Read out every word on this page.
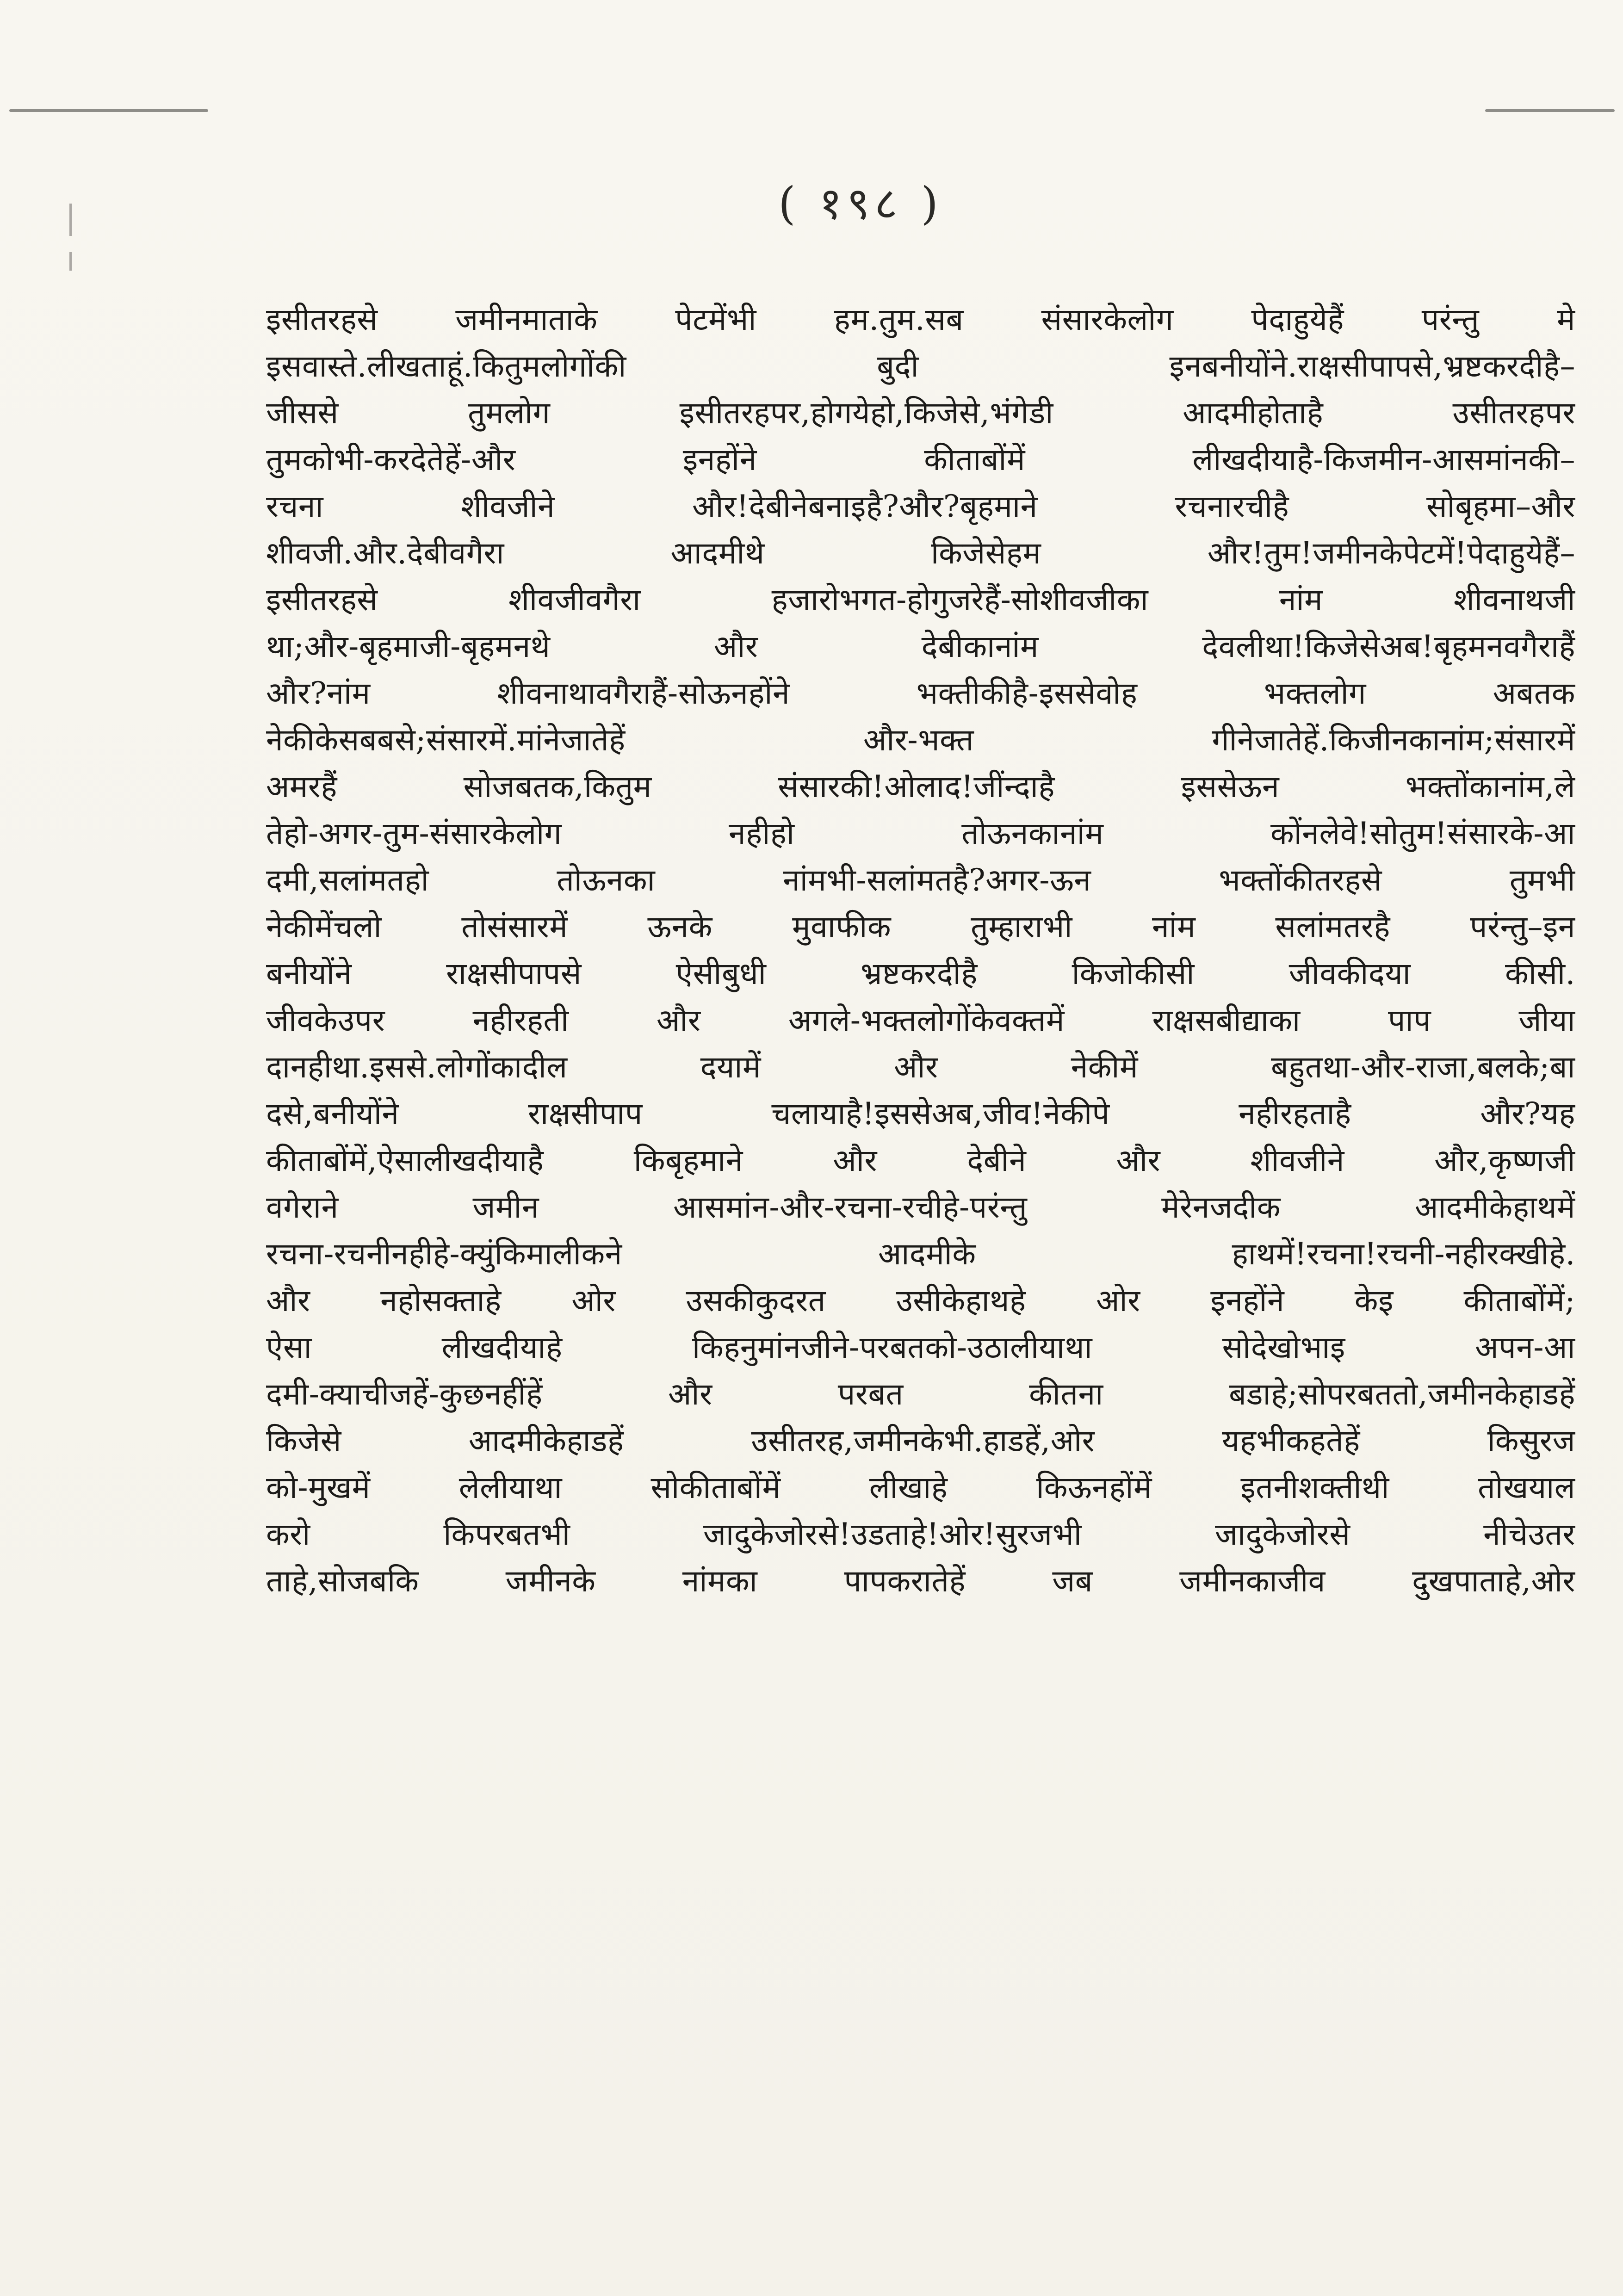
( १९८ )
इसीतरहसे जमीनमाताके पेटमेंभी हम.तुम.सब संसारकेलोग पेदाहुयेहैं परंन्तु मे
इसवास्ते.लीखताहूं.कितुमलोगोंकी बुदी इनबनीयोंने.राक्षसीपापसे,भ्रष्टकरदीहै–
जीससे तुमलोग इसीतरहपर,होगयेहो,किजेसे,भंगेडी आदमीहोताहै उसीतरहपर
तुमकोभी-करदेतेहें-और इनहोंने कीताबोंमें लीखदीयाहै-किजमीन-आसमांनकी–
रचना शीवजीने और!देबीनेबनाइहै?और?बृहमाने रचनारचीहै सोबृहमा–और
शीवजी.और.देबीवगैरा आदमीथे किजेसेहम और!तुम!जमीनकेपेटमें!पेदाहुयेहैं–
इसीतरहसे शीवजीवगैरा हजारोभगत-होगुजरेहैं-सोशीवजीका नांम शीवनाथजी
था;और-बृहमाजी-बृहमनथे और देबीकानांम देवलीथा!किजेसेअब!बृहमनवगैराहैं
और?नांम शीवनाथावगैराहैं-सोऊनहोंने भक्तीकीहै-इससेवोह भक्तलोग अबतक
नेकीकेसबबसे;संसारमें.मांनेजातेहें और-भक्त गीनेजातेहें.किजीनकानांम;संसारमें
अमरहैं सोजबतक,कितुम संसारकी!ओलाद!जींन्दाहै इससेऊन भक्तोंकानांम,ले
तेहो-अगर-तुम-संसारकेलोग नहीहो तोऊनकानांम कोंनलेवे!सोतुम!संसारके-आ
दमी,सलांमतहो तोऊनका नांमभी-सलांमतहै?अगर-ऊन भक्तोंकीतरहसे तुमभी
नेकीमेंचलो तोसंसारमें ऊनके मुवाफीक तुम्हाराभी नांम सलांमतरहै परंन्तु–इन
बनीयोंने राक्षसीपापसे ऐसीबुधी भ्रष्टकरदीहै किजोकीसी जीवकीदया कीसी.
जीवकेउपर नहीरहती और अगले-भक्तलोगोंकेवक्तमें राक्षसबीद्याका पाप जीया
दानहीथा.इससे.लोगोंकादील दयामें और नेकीमें बहुतथा-और-राजा,बलके;बा
दसे,बनीयोंने राक्षसीपाप चलायाहै!इससेअब,जीव!नेकीपे नहीरहताहै और?यह
कीताबोंमें,ऐसालीखदीयाहै किबृहमाने और देबीने और शीवजीने और,कृष्णजी
वगेराने जमीन आसमांन-और-रचना-रचीहे-परंन्तु मेरेनजदीक आदमीकेहाथमें
रचना-रचनीनहीहे-क्युंकिमालीकने आदमीके हाथमें!रचना!रचनी-नहीरक्खीहे.
और नहोसक्ताहे ओर उसकीकुदरत उसीकेहाथहे ओर इनहोंने केइ कीताबोंमें;
ऐसा लीखदीयाहे किहनुमांनजीने-परबतको-उठालीयाथा सोदेखोभाइ अपन-आ
दमी-क्याचीजहें-कुछनहींहें और परबत कीतना बडाहे;सोपरबततो,जमीनकेहाडहें
किजेसे आदमीकेहाडहें उसीतरह,जमीनकेभी.हाडहें,ओर यहभीकहतेहें किसुरज
को-मुखमें लेलीयाथा सोकीताबोंमें लीखाहे किऊनहोंमें इतनीशक्तीथी तोखयाल
करो किपरबतभी जादुकेजोरसे!उडताहे!ओर!सुरजभी जादुकेजोरसे नीचेउतर
ताहे,सोजबकि जमीनके नांमका पापकरातेहें जब जमीनकाजीव दुखपाताहे,ओर
